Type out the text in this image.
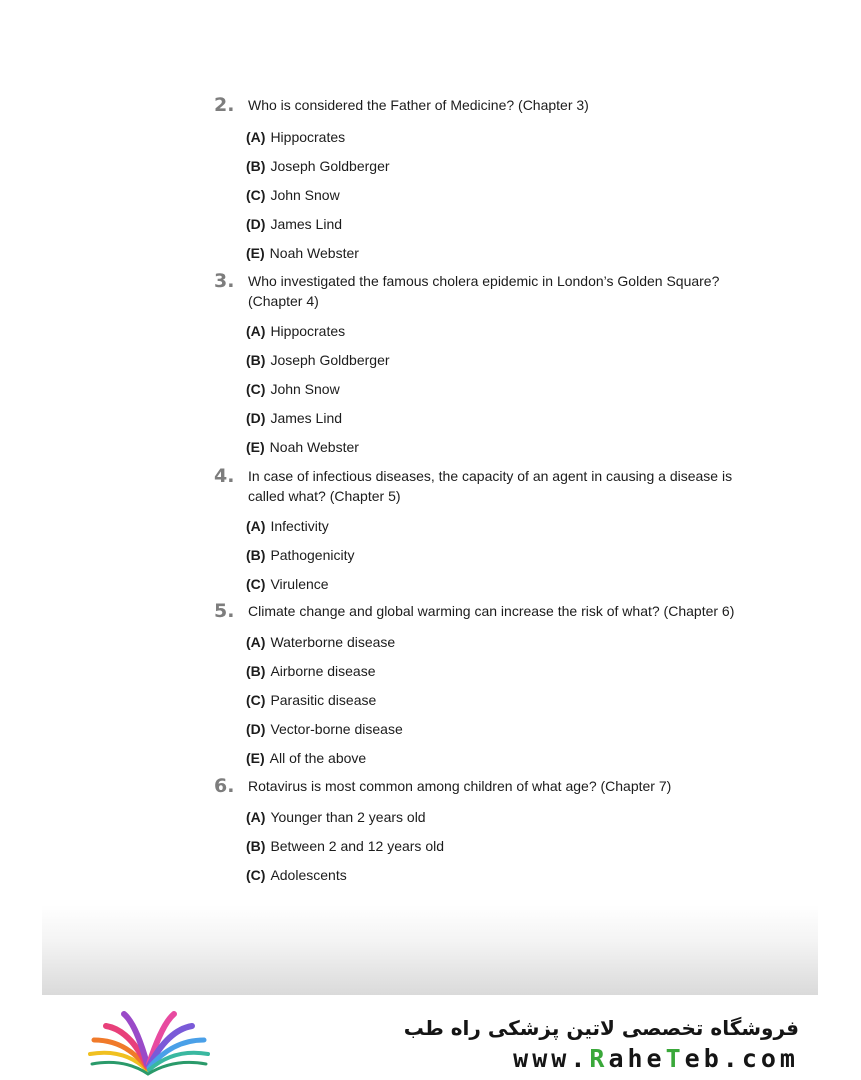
2. Who is considered the Father of Medicine? (Chapter 3)
(A) Hippocrates
(B) Joseph Goldberger
(C) John Snow
(D) James Lind
(E) Noah Webster
3. Who investigated the famous cholera epidemic in London’s Golden Square? (Chapter 4)
(A) Hippocrates
(B) Joseph Goldberger
(C) John Snow
(D) James Lind
(E) Noah Webster
4. In case of infectious diseases, the capacity of an agent in causing a disease is called what? (Chapter 5)
(A) Infectivity
(B) Pathogenicity
(C) Virulence
5. Climate change and global warming can increase the risk of what? (Chapter 6)
(A) Waterborne disease
(B) Airborne disease
(C) Parasitic disease
(D) Vector-borne disease
(E) All of the above
6. Rotavirus is most common among children of what age? (Chapter 7)
(A) Younger than 2 years old
(B) Between 2 and 12 years old
(C) Adolescents
فروشگاه تخصصی لاتین پزشکی راه طب
www.RaheTeb.com
